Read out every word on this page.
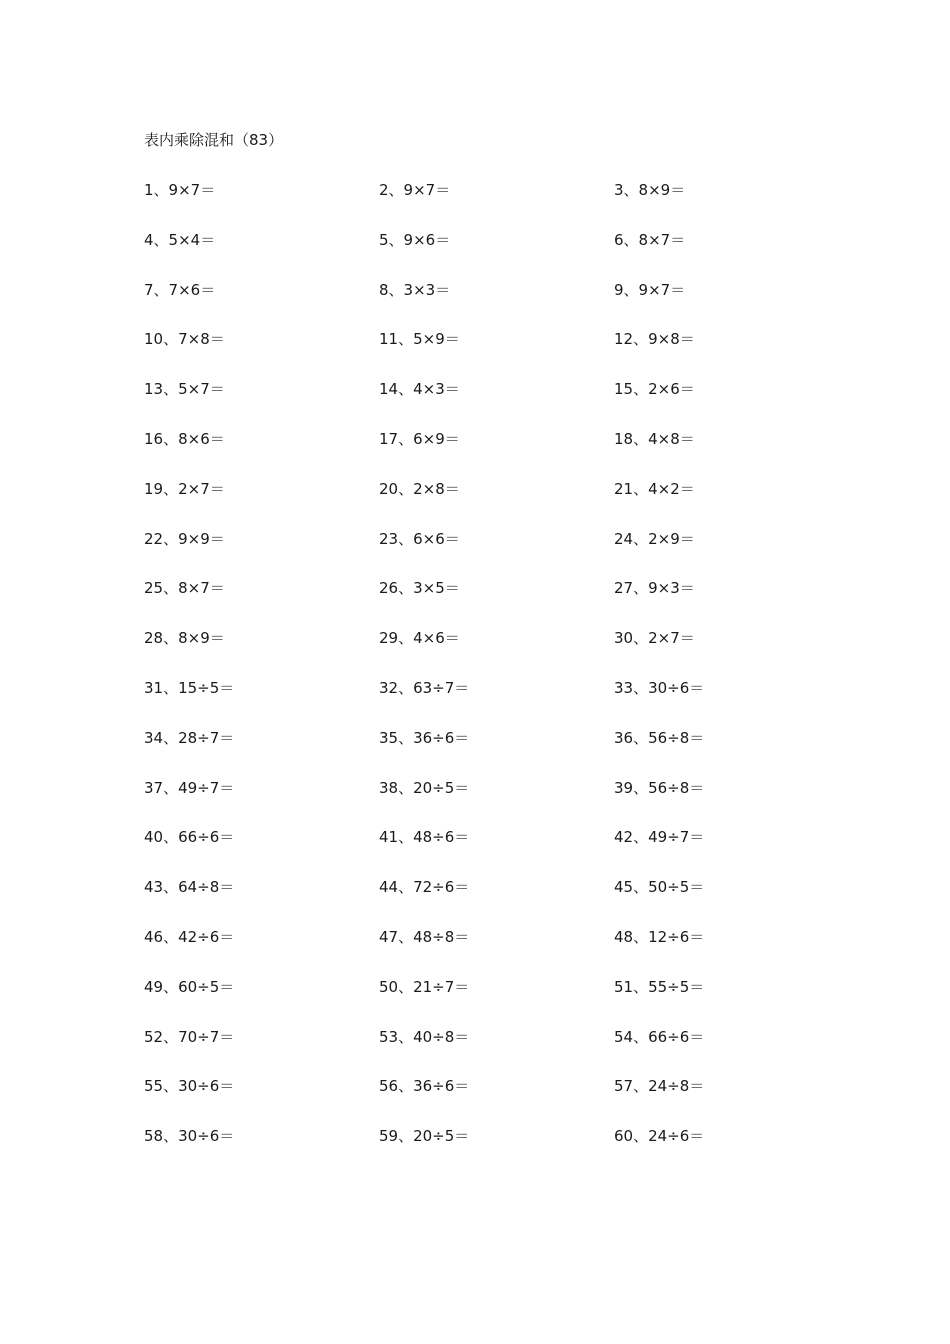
表内乘除混和（83）
1、9×7＝	2、9×7＝	3、8×9＝
4、5×4＝	5、9×6＝	6、8×7＝
7、7×6＝	8、3×3＝	9、9×7＝
10、7×8＝	11、5×9＝	12、9×8＝
13、5×7＝	14、4×3＝	15、2×6＝
16、8×6＝	17、6×9＝	18、4×8＝
19、2×7＝	20、2×8＝	21、4×2＝
22、9×9＝	23、6×6＝	24、2×9＝
25、8×7＝	26、3×5＝	27、9×3＝
28、8×9＝	29、4×6＝	30、2×7＝
31、15÷5＝	32、63÷7＝	33、30÷6＝
34、28÷7＝	35、36÷6＝	36、56÷8＝
37、49÷7＝	38、20÷5＝	39、56÷8＝
40、66÷6＝	41、48÷6＝	42、49÷7＝
43、64÷8＝	44、72÷6＝	45、50÷5＝
46、42÷6＝	47、48÷8＝	48、12÷6＝
49、60÷5＝	50、21÷7＝	51、55÷5＝
52、70÷7＝	53、40÷8＝	54、66÷6＝
55、30÷6＝	56、36÷6＝	57、24÷8＝
58、30÷6＝	59、20÷5＝	60、24÷6＝
